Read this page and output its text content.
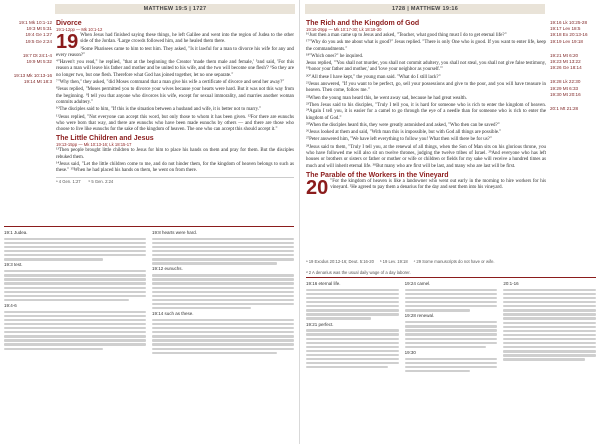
MATTHEW 19:5 | 1727
19:1 Mk 10:1-12
19:3 Mt 5:31
19:4 Ge 1:27
19:5 Ge 2:24
19:7 Dt 24:1-4
19:9 Mt 5:32
19:13 Mk 10:13-16
19:14 Mt 18:3
Divorce
19:1-12pp — Mk 10:1-12
19 When Jesus had finished saying these things, he left Galilee and went into the region of Judea to the other side of the Jordan. ²Large crowds followed him, and he healed them there.
³Some Pharisees came to him to test him. They asked, "Is it lawful for a man to divorce his wife for any and every reason?"
⁴"Haven't you read," he replied, "that at the beginning the Creator 'made them male and female,' ⁵and said, 'For this reason a man will leave his father and mother and be united to his wife, and the two will become one flesh'? ⁶So they are no longer two, but one flesh. Therefore what God has joined together, let no one separate."
⁷"Why then," they asked, "did Moses command that a man give his wife a certificate of divorce and send her away?"
⁸Jesus replied, "Moses permitted you to divorce your wives because your hearts were hard. But it was not this way from the beginning. ⁹I tell you that anyone who divorces his wife, except for sexual immorality, and marries another woman commits adultery."
¹⁰The disciples said to him, "If this is the situation between a husband and wife, it is better not to marry."
¹¹Jesus replied, "Not everyone can accept this word, but only those to whom it has been given. ¹²For there are eunuchs who were born that way, and there are eunuchs who have been made eunuchs by others — and there are those who choose to live like eunuchs for the sake of the kingdom of heaven. The one who can accept this should accept it."
The Little Children and Jesus
19:13-15pp — Mk 10:13-16; Lk 18:15-17
¹³Then people brought little children to Jesus for him to place his hands on them and pray for them. But the disciples rebuked them.
¹⁴Jesus said, "Let the little children come to me, and do not hinder them, for the kingdom of heaven belongs to such as these." ¹⁵When he had placed his hands on them, he went on from there.
ᵃ 4 Gen. 1:27 ᵇ 5 Gen. 2:24
19:1 Judea.
19:3 test.
19:4-6
19:8 hearts were hard.
19:12 eunuchs.
19:14 such as these.
1728 | MATTHEW 19:16
19:16 Lk 10:25-28
19:17 Lev 18:5
19:18 Ex 20:13-16
19:19 Lev 19:18
19:21 Mt 6:20
19:23 Mt 13:22
19:26 Ge 18:14
19:28 Lk 22:30
19:29 Mt 6:33
19:30 Mt 20:16
20:1 Mt 21:28
The Rich and the Kingdom of God
19:16-29pp — Mk 10:17-30; Lk 18:18-30
¹⁶Just then a man came up to Jesus and asked, "Teacher, what good thing must I do to get eternal life?"
¹⁷"Why do you ask me about what is good?" Jesus replied. "There is only One who is good. If you want to enter life, keep the commandments."
¹⁸"Which ones?" he inquired.
Jesus replied, "'You shall not murder, you shall not commit adultery, you shall not steal, you shall not give false testimony, ¹⁹honor your father and mother,' and 'love your neighbor as yourself.'"
²⁰"All these I have kept," the young man said. "What do I still lack?"
²¹Jesus answered, "If you want to be perfect, go, sell your possessions and give to the poor, and you will have treasure in heaven. Then come, follow me."
²²When the young man heard this, he went away sad, because he had great wealth.
²³Then Jesus said to his disciples, "Truly I tell you, it is hard for someone who is rich to enter the kingdom of heaven. ²⁴Again I tell you, it is easier for a camel to go through the eye of a needle than for someone who is rich to enter the kingdom of God."
²⁵When the disciples heard this, they were greatly astonished and asked, "Who then can be saved?"
²⁶Jesus looked at them and said, "With man this is impossible, but with God all things are possible."
²⁷Peter answered him, "We have left everything to follow you! What then will there be for us?"
²⁸Jesus said to them, "Truly I tell you, at the renewal of all things, when the Son of Man sits on his glorious throne, you who have followed me will also sit on twelve thrones, judging the twelve tribes of Israel. ²⁹And everyone who has left houses or brothers or sisters or father or mother or wife or children or fields for my sake will receive a hundred times as much and will inherit eternal life. ³⁰But many who are first will be last, and many who are last will be first.
The Parable of the Workers in the Vineyard
20 "For the kingdom of heaven is like a landowner who went out early in the morning to hire workers for his vineyard. ²He agreed to pay them a denarius for the day and sent them into his vineyard.
ᵃ 19 Exodus 20:12-16; Deut. 5:16-20 ᵇ 19 Lev. 19:18 ᶜ 29 Some manuscripts do not have or wife.
ᵈ 2 A denarius was the usual daily wage of a day laborer.
19:16 eternal life.
19:21 perfect.
19:24 camel.
19:28 renewal.
19:30
20:1-16
